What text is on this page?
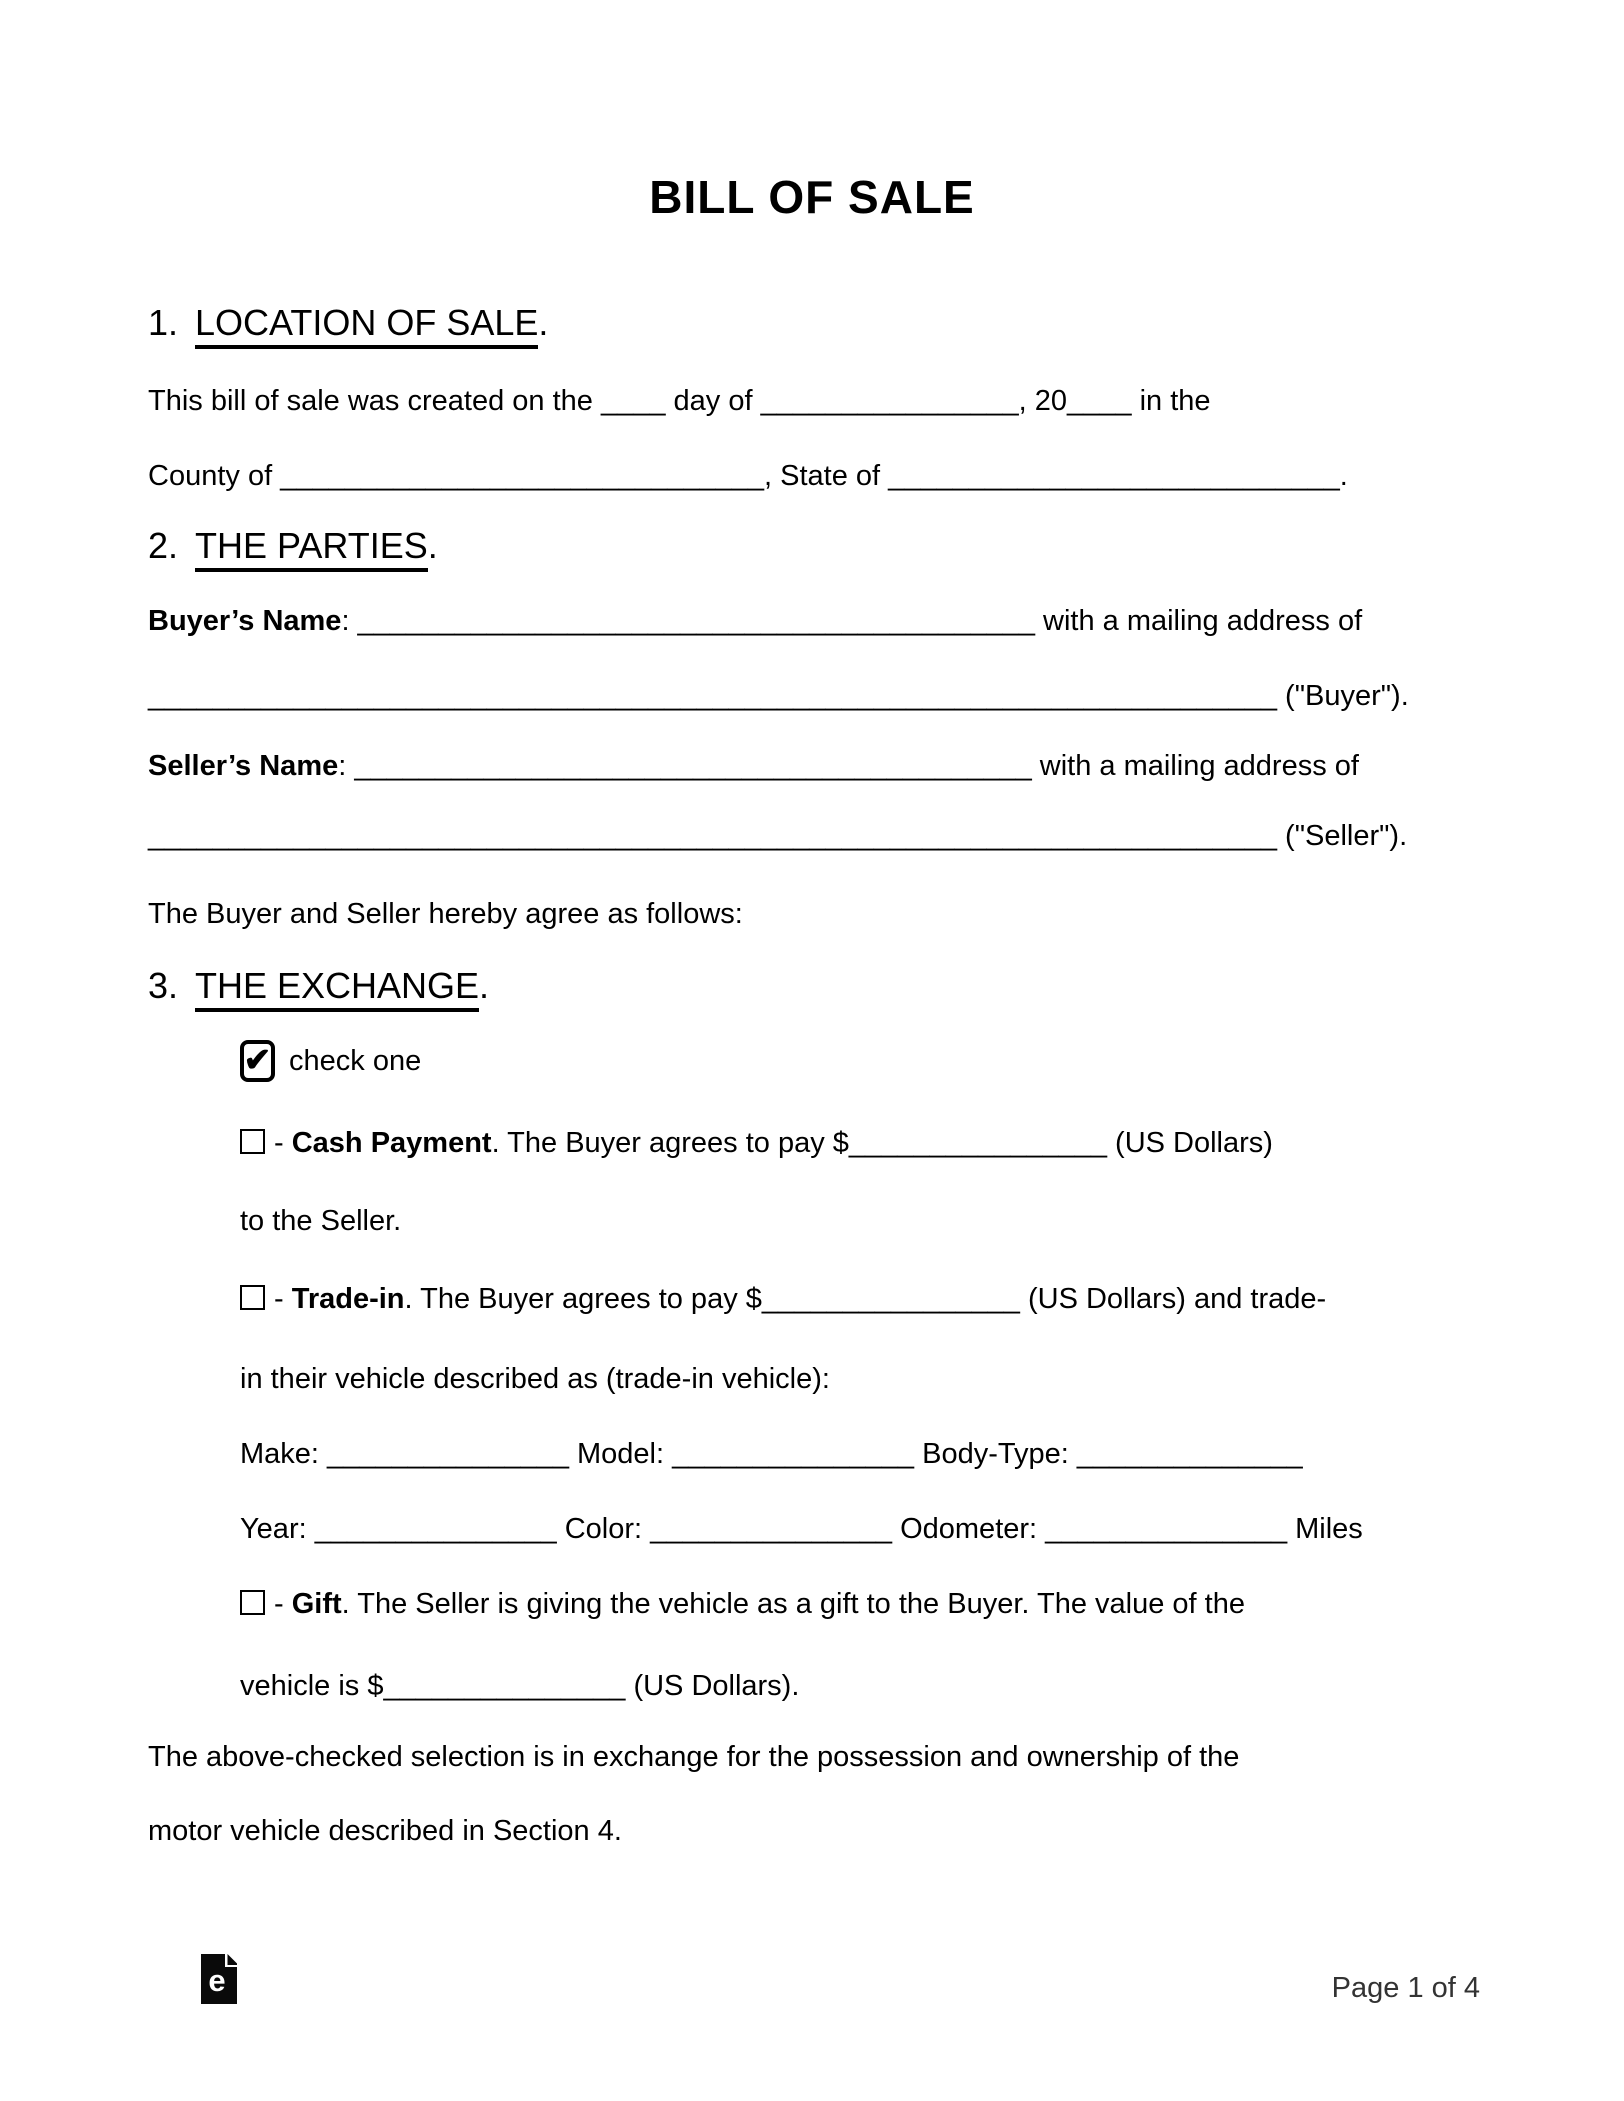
BILL OF SALE
1. LOCATION OF SALE.
This bill of sale was created on the ____ day of ________________, 20____ in the
County of ______________________________, State of ____________________________.
2. THE PARTIES.
Buyer’s Name: __________________________________________ with a mailing address of
______________________________________________________________________ ("Buyer").
Seller’s Name: __________________________________________ with a mailing address of
______________________________________________________________________ ("Seller").
The Buyer and Seller hereby agree as follows:
3. THE EXCHANGE.
✔ check one
- Cash Payment. The Buyer agrees to pay $________________ (US Dollars)
to the Seller.
- Trade-in. The Buyer agrees to pay $________________ (US Dollars) and trade-
in their vehicle described as (trade-in vehicle):
Make: _______________ Model: _______________ Body-Type: ______________
Year: _______________ Color: _______________ Odometer: _______________ Miles
- Gift. The Seller is giving the vehicle as a gift to the Buyer. The value of the
vehicle is $_______________ (US Dollars).
The above-checked selection is in exchange for the possession and ownership of the
motor vehicle described in Section 4.
e	Page 1 of 4
